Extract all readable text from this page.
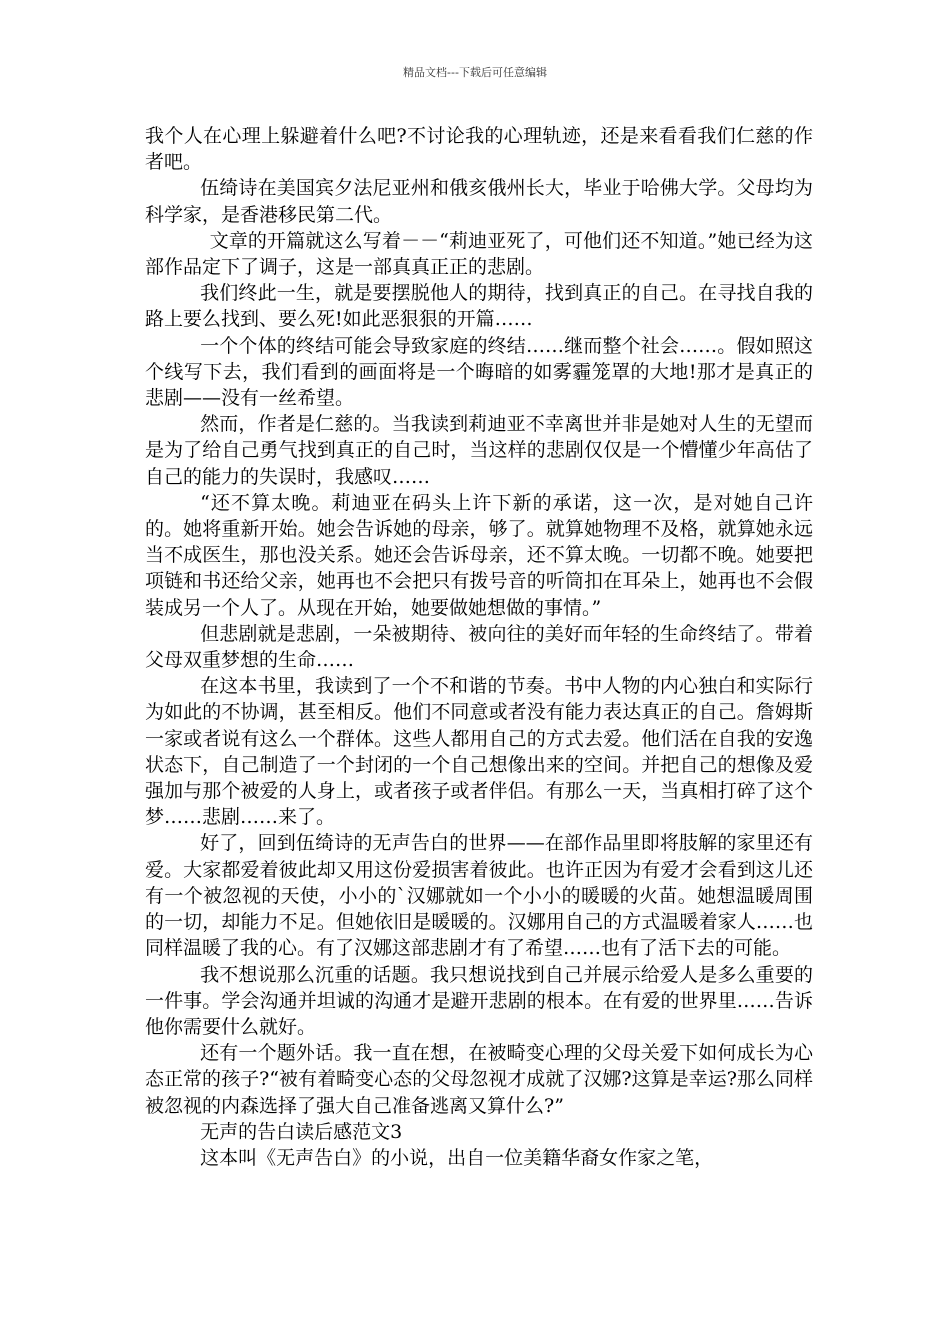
精品文档---下载后可任意编辑

我个人在心理上躲避着什么吧?不讨论我的心理轨迹，还是来看看我们仁慈的作者吧。

伍绮诗在美国宾夕法尼亚州和俄亥俄州长大，毕业于哈佛大学。父母均为科学家，是香港移民第二代。

文章的开篇就这么写着－－“莉迪亚死了，可他们还不知道。”她已经为这部作品定下了调子，这是一部真真正正的悲剧。

我们终此一生，就是要摆脱他人的期待，找到真正的自己。在寻找自我的路上要么找到、要么死!如此恶狠狠的开篇……

一个个体的终结可能会导致家庭的终结……继而整个社会……。假如照这个线写下去，我们看到的画面将是一个晦暗的如雾霾笼罩的大地!那才是真正的悲剧——没有一丝希望。

然而，作者是仁慈的。当我读到莉迪亚不幸离世并非是她对人生的无望而是为了给自己勇气找到真正的自己时，当这样的悲剧仅仅是一个懵懂少年高估了自己的能力的失误时，我感叹……

“还不算太晚。莉迪亚在码头上许下新的承诺，这一次，是对她自己许的。她将重新开始。她会告诉她的母亲，够了。就算她物理不及格，就算她永远当不成医生，那也没关系。她还会告诉母亲，还不算太晚。一切都不晚。她要把项链和书还给父亲，她再也不会把只有拨号音的听筒扣在耳朵上，她再也不会假装成另一个人了。从现在开始，她要做她想做的事情。”

但悲剧就是悲剧，一朵被期待、被向往的美好而年轻的生命终结了。带着父母双重梦想的生命……

在这本书里，我读到了一个不和谐的节奏。书中人物的内心独白和实际行为如此的不协调，甚至相反。他们不同意或者没有能力表达真正的自己。詹姆斯一家或者说有这么一个群体。这些人都用自己的方式去爱。他们活在自我的安逸状态下，自己制造了一个封闭的一个自己想像出来的空间。并把自己的想像及爱强加与那个被爱的人身上，或者孩子或者伴侣。有那么一天，当真相打碎了这个梦……悲剧……来了。

好了，回到伍绮诗的无声告白的世界——在部作品里即将肢解的家里还有爱。大家都爱着彼此却又用这份爱损害着彼此。也许正因为有爱才会看到这儿还有一个被忽视的天使，小小的`汉娜就如一个小小的暖暖的火苗。她想温暖周围的一切，却能力不足。但她依旧是暖暖的。汉娜用自己的方式温暖着家人……也同样温暖了我的心。有了汉娜这部悲剧才有了希望……也有了活下去的可能。

我不想说那么沉重的话题。我只想说找到自己并展示给爱人是多么重要的一件事。学会沟通并坦诚的沟通才是避开悲剧的根本。在有爱的世界里……告诉他你需要什么就好。

还有一个题外话。我一直在想，在被畸变心理的父母关爱下如何成长为心态正常的孩子?“被有着畸变心态的父母忽视才成就了汉娜?这算是幸运?那么同样被忽视的内森选择了强大自己准备逃离又算什么?”

无声的告白读后感范文3

这本叫《无声告白》的小说，出自一位美籍华裔女作家之笔，
